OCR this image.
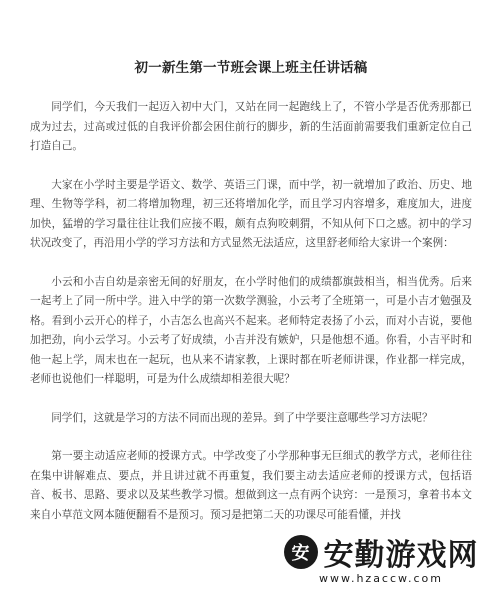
初一新生第一节班会课上班主任讲话稿

同学们，今天我们一起迈入初中大门，又站在同一起跑线上了，不管小学是否优秀那都已成为过去，过高或过低的自我评价都会困住前行的脚步，新的生活面前需要我们重新定位自己打造自己。

大家在小学时主要是学语文、数学、英语三门课，而中学，初一就增加了政治、历史、地理、生物等学科，初二将增加物理，初三还将增加化学，而且学习内容增多，难度加大，进度加快，猛增的学习量往往让我们应接不暇，颇有点狗咬刺猬，不知从何下口之感。初中的学习状况改变了，再沿用小学的学习方法和方式显然无法适应，这里舒老师给大家讲一个案例：

小云和小吉自幼是亲密无间的好朋友，在小学时他们的成绩都旗鼓相当，相当优秀。后来一起考上了同一所中学。进入中学的第一次数学测验，小云考了全班第一，可是小吉才勉强及格。看到小云开心的样子，小吉怎么也高兴不起来。老师特定表扬了小云，而对小吉说，要他加把劲，向小云学习。小云考了好成绩，小吉并没有嫉妒，只是他想不通。你看，小吉平时和他一起上学，周末也在一起玩，也从来不请家教，上课时都在听老师讲课，作业都一样完成，老师也说他们一样聪明，可是为什么成绩却相差很大呢？

同学们，这就是学习的方法不同而出现的差异。到了中学要注意哪些学习方法呢？

第一要主动适应老师的授课方式。中学改变了小学那种事无巨细式的教学方式，老师往往在集中讲解难点、要点，并且讲过就不再重复，我们要主动去适应老师的授课方式，包括语音、板书、思路、要求以及某些教学习惯。想做到这一点有两个诀窍：一是预习，拿着书本文来自小草范文网本随便翻看不是预习。预习是把第二天的功课尽可能看懂，并找

安 安勤游戏网
www.hzaccw.com
